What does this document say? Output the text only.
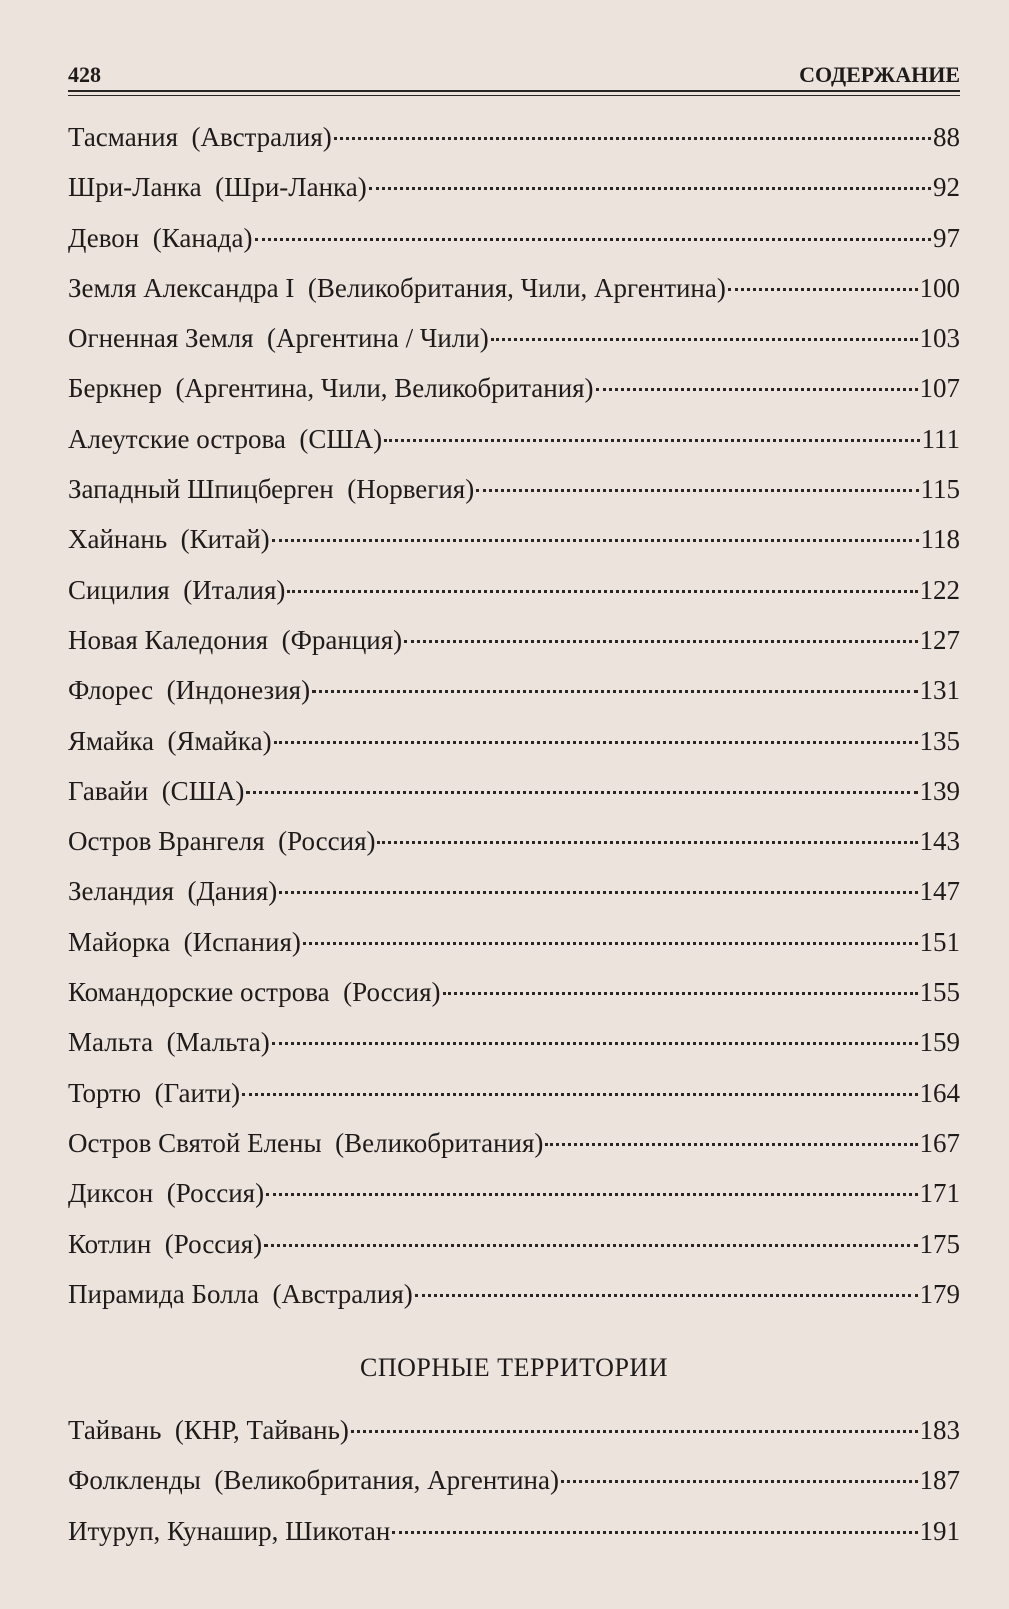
428	СОДЕРЖАНИЕ
Тасмания  (Австралия)	88
Шри-Ланка  (Шри-Ланка)	92
Девон  (Канада)	97
Земля Александра I  (Великобритания, Чили, Аргентина)	100
Огненная Земля  (Аргентина / Чили)	103
Беркнер  (Аргентина, Чили, Великобритания)	107
Алеутские острова  (США)	111
Западный Шпицберген  (Норвегия)	115
Хайнань  (Китай)	118
Сицилия  (Италия)	122
Новая Каледония  (Франция)	127
Флорес  (Индонезия)	131
Ямайка  (Ямайка)	135
Гавайи  (США)	139
Остров Врангеля  (Россия)	143
Зеландия  (Дания)	147
Майорка  (Испания)	151
Командорские острова  (Россия)	155
Мальта  (Мальта)	159
Тортю  (Гаити)	164
Остров Святой Елены  (Великобритания)	167
Диксон  (Россия)	171
Котлин  (Россия)	175
Пирамида Болла  (Австралия)	179
СПОРНЫЕ ТЕРРИТОРИИ
Тайвань  (КНР, Тайвань)	183
Фолкленды  (Великобритания, Аргентина)	187
Итуруп, Кунашир, Шикотан	191
